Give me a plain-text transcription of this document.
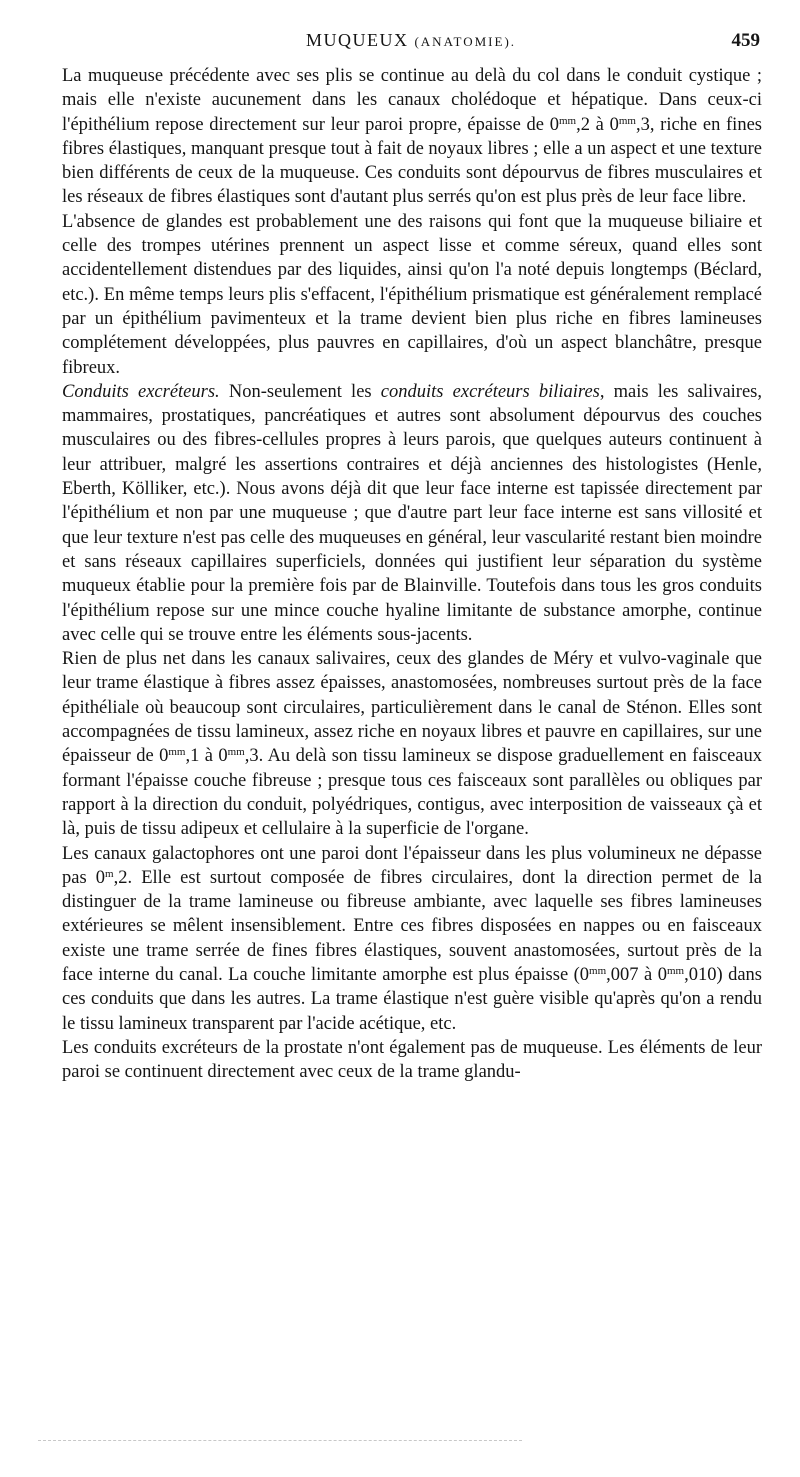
MUQUEUX (ANATOMIE).	459

La muqueuse précédente avec ses plis se continue au delà du col dans le conduit cystique ; mais elle n'existe aucunement dans les canaux cholédoque et hépatique. Dans ceux-ci l'épithélium repose directement sur leur paroi propre, épaisse de $0^{mm},2$ à $0^{mm},3$, riche en fines fibres élastiques, manquant presque tout à fait de noyaux libres ; elle a un aspect et une texture bien différents de ceux de la muqueuse. Ces conduits sont dépourvus de fibres musculaires et les réseaux de fibres élastiques sont d'autant plus serrés qu'on est plus près de leur face libre.

L'absence de glandes est probablement une des raisons qui font que la muqueuse biliaire et celle des trompes utérines prennent un aspect lisse et comme séreux, quand elles sont accidentellement distendues par des liquides, ainsi qu'on l'a noté depuis longtemps (Béclard, etc.). En même temps leurs plis s'effacent, l'épithélium prismatique est généralement remplacé par un épithélium pavimenteux et la trame devient bien plus riche en fibres lamineuses complétement développées, plus pauvres en capillaires, d'où un aspect blanchâtre, presque fibreux.

Conduits excréteurs. Non-seulement les conduits excréteurs biliaires, mais les salivaires, mammaires, prostatiques, pancréatiques et autres sont absolument dépourvus des couches musculaires ou des fibres-cellules propres à leurs parois, que quelques auteurs continuent à leur attribuer, malgré les assertions contraires et déjà anciennes des histologistes (Henle, Eberth, Kölliker, etc.). Nous avons déjà dit que leur face interne est tapissée directement par l'épithélium et non par une muqueuse ; que d'autre part leur face interne est sans villosité et que leur texture n'est pas celle des muqueuses en général, leur vascularité restant bien moindre et sans réseaux capillaires superficiels, données qui justifient leur séparation du système muqueux établie pour la première fois par de Blainville. Toutefois dans tous les gros conduits l'épithélium repose sur une mince couche hyaline limitante de substance amorphe, continue avec celle qui se trouve entre les éléments sous-jacents.

Rien de plus net dans les canaux salivaires, ceux des glandes de Méry et vulvo-vaginale que leur trame élastique à fibres assez épaisses, anastomosées, nombreuses surtout près de la face épithéliale où beaucoup sont circulaires, particulièrement dans le canal de Sténon. Elles sont accompagnées de tissu lamineux, assez riche en noyaux libres et pauvre en capillaires, sur une épaisseur de $0^{mm},1$ à $0^{mm},3$. Au delà son tissu lamineux se dispose graduellement en faisceaux formant l'épaisse couche fibreuse ; presque tous ces faisceaux sont parallèles ou obliques par rapport à la direction du conduit, polyédriques, contigus, avec interposition de vaisseaux çà et là, puis de tissu adipeux et cellulaire à la superficie de l'organe.

Les canaux galactophores ont une paroi dont l'épaisseur dans les plus volumineux ne dépasse pas 0$^m$,2. Elle est surtout composée de fibres circulaires, dont la direction permet de la distinguer de la trame lamineuse ou fibreuse ambiante, avec laquelle ses fibres lamineuses extérieures se mêlent insensiblement. Entre ces fibres disposées en nappes ou en faisceaux existe une trame serrée de fines fibres élastiques, souvent anastomosées, surtout près de la face interne du canal. La couche limitante amorphe est plus épaisse ($0^{mm},007$ à $0^{mm},010$) dans ces conduits que dans les autres. La trame élastique n'est guère visible qu'après qu'on a rendu le tissu lamineux transparent par l'acide acétique, etc.

Les conduits excréteurs de la prostate n'ont également pas de muqueuse. Les éléments de leur paroi se continuent directement avec ceux de la trame glandu-
